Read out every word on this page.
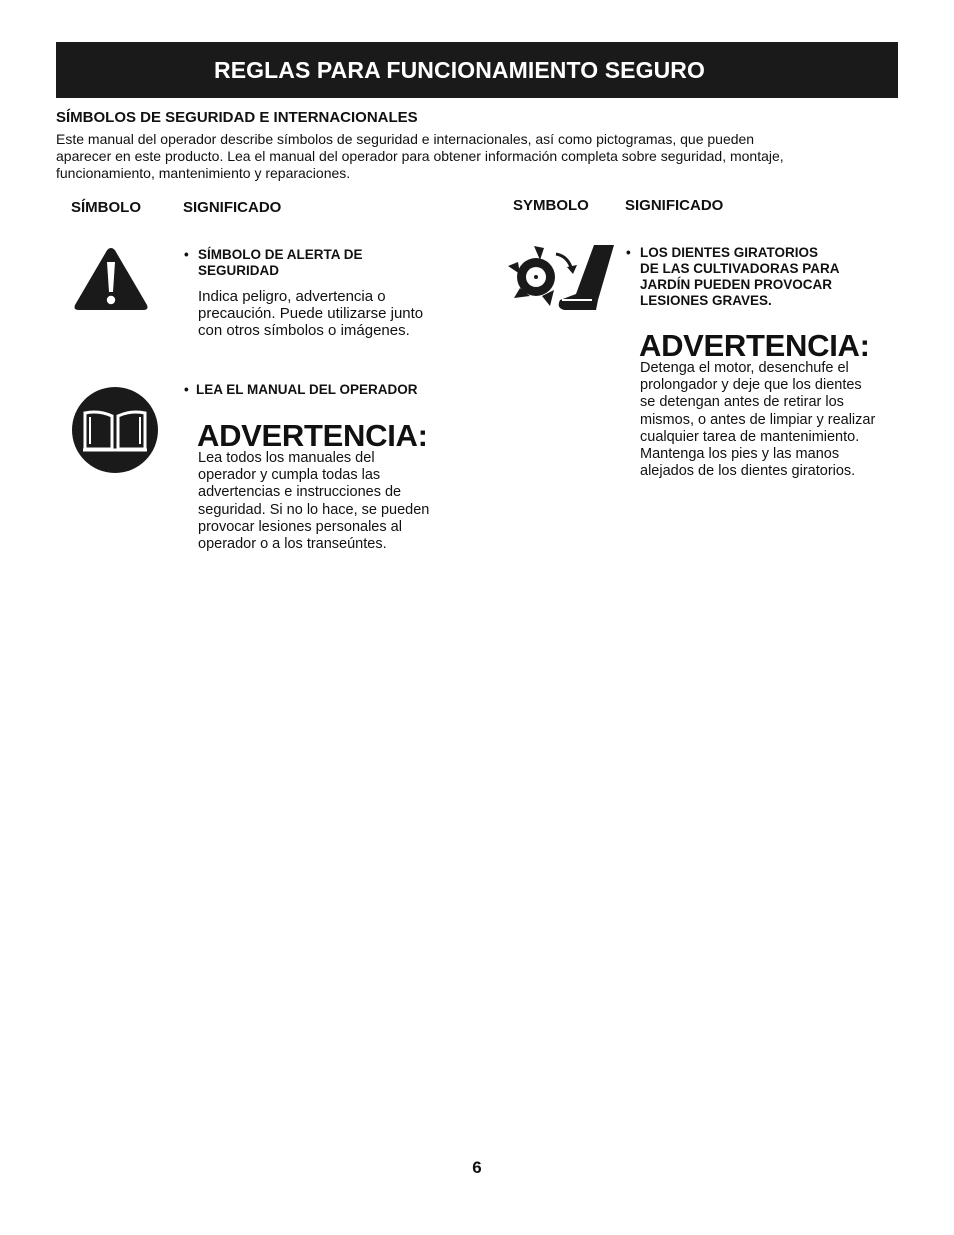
REGLAS PARA FUNCIONAMIENTO SEGURO
SÍMBOLOS DE SEGURIDAD E INTERNACIONALES
Este manual del operador describe símbolos de seguridad e internacionales, así como pictogramas, que pueden
aparecer en este producto. Lea el manual del operador para obtener información completa sobre seguridad, montaje,
funcionamiento, mantenimiento y reparaciones.
SÍMBOLO	SIGNIFICADO	SYMBOLO SIGNIFICADO
• SÍMBOLO DE ALERTA DE
SEGURIDAD
Indica peligro, advertencia o
precaución. Puede utilizarse junto
con otros símbolos o imágenes.
• LEA EL MANUAL DEL OPERADOR
ADVERTENCIA:
Lea todos los manuales del
operador y cumpla todas las
advertencias e instrucciones de
seguridad. Si no lo hace, se pueden
provocar lesiones personales al
operador o a los transeúntes.
• LOS DIENTES GIRATORIOS
DE LAS CULTIVADORAS PARA
JARDÍN PUEDEN PROVOCAR
LESIONES GRAVES.
ADVERTENCIA:
Detenga el motor, desenchufe el
prolongador y deje que los dientes
se detengan antes de retirar los
mismos, o antes de limpiar y realizar
cualquier tarea de mantenimiento.
Mantenga los pies y las manos
alejados de los dientes giratorios.
6
